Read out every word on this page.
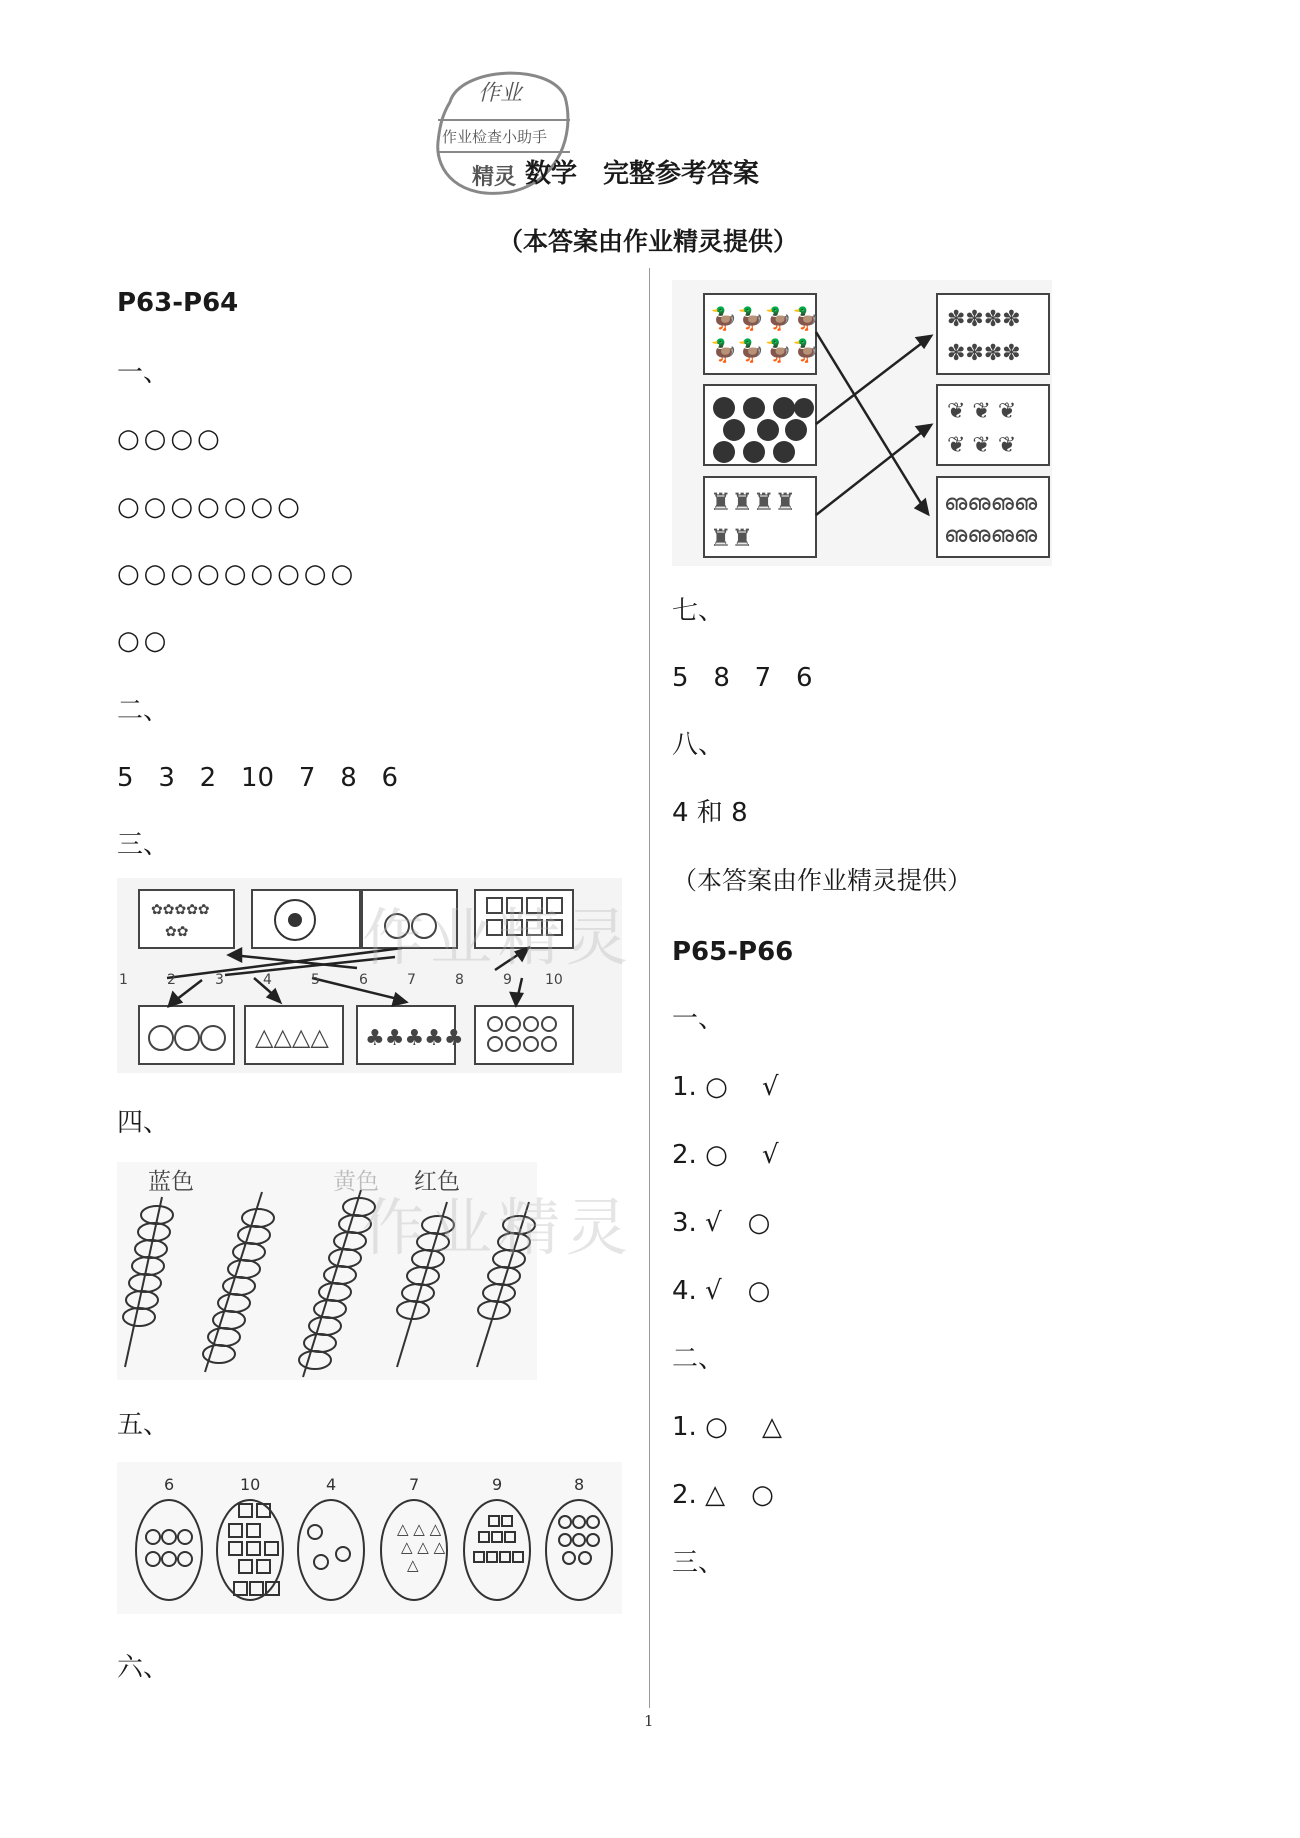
作业
作业检查小助手
精灵 数学　完整参考答案
（本答案由作业精灵提供）
P63-P64
一、
○○○○
○○○○○○○
○○○○○○○○○
○○
二、
5   3   2   10   7   8   6
三、
✿✿✿✿✿
✿✿
△△△△ ♣♣♣♣♣
1	2	3	4	5	6	7	8	9 10
作业精灵
四、
蓝色	黄色 红色
作业精灵
五、
△ △ △
△ △ △
△
6	10	4	7	9	8
六、
🦆🦆🦆🦆
🦆🦆🦆🦆
♜♜♜♜
♜♜
✽✽✽✽
✽✽✽✽
❦ ❦ ❦
❦ ❦ ❦
ഌഌഌഌ
ഌഌഌഌ
七、
5   8   7   6
八、
4 和 8
（本答案由作业精灵提供）
P65-P66
一、
1. ○　 √
2. ○　 √
3. √　○
4. √　○
二、
1. ○　 △
2. △　○
三、
1
